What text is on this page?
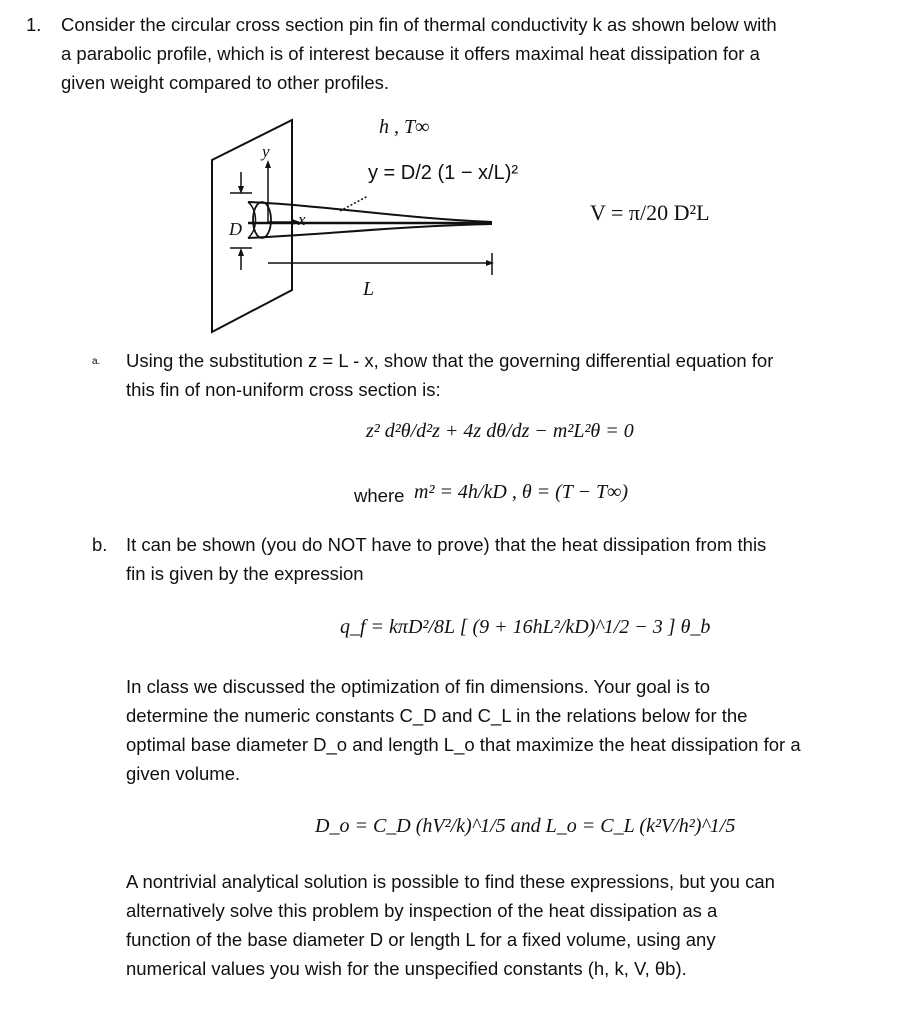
1. Consider the circular cross section pin fin of thermal conductivity k as shown below with
a parabolic profile, which is of interest because it offers maximal heat dissipation for a
given weight compared to other profiles.
h , T∞
y
x
D
L
y = D/2 (1 − x/L)²
V = π/20 D²L
a. Using the substitution z = L - x, show that the governing differential equation for
this fin of non-uniform cross section is:
z² d²θ/d²z + 4z dθ/dz − m²L²θ = 0
where m² = 4h/kD , θ = (T − T∞)
b. It can be shown (you do NOT have to prove) that the heat dissipation from this
fin is given by the expression
q_f = kπD²/8L [ (9 + 16hL²/kD)^1/2 − 3 ] θ_b
In class we discussed the optimization of fin dimensions. Your goal is to
determine the numeric constants C_D and C_L in the relations below for the
optimal base diameter D_o and length L_o that maximize the heat dissipation for a
given volume.
D_o = C_D (hV²/k)^1/5 and L_o = C_L (k²V/h²)^1/5
A nontrivial analytical solution is possible to find these expressions, but you can
alternatively solve this problem by inspection of the heat dissipation as a
function of the base diameter D or length L for a fixed volume, using any
numerical values you wish for the unspecified constants (h, k, V, θb).
